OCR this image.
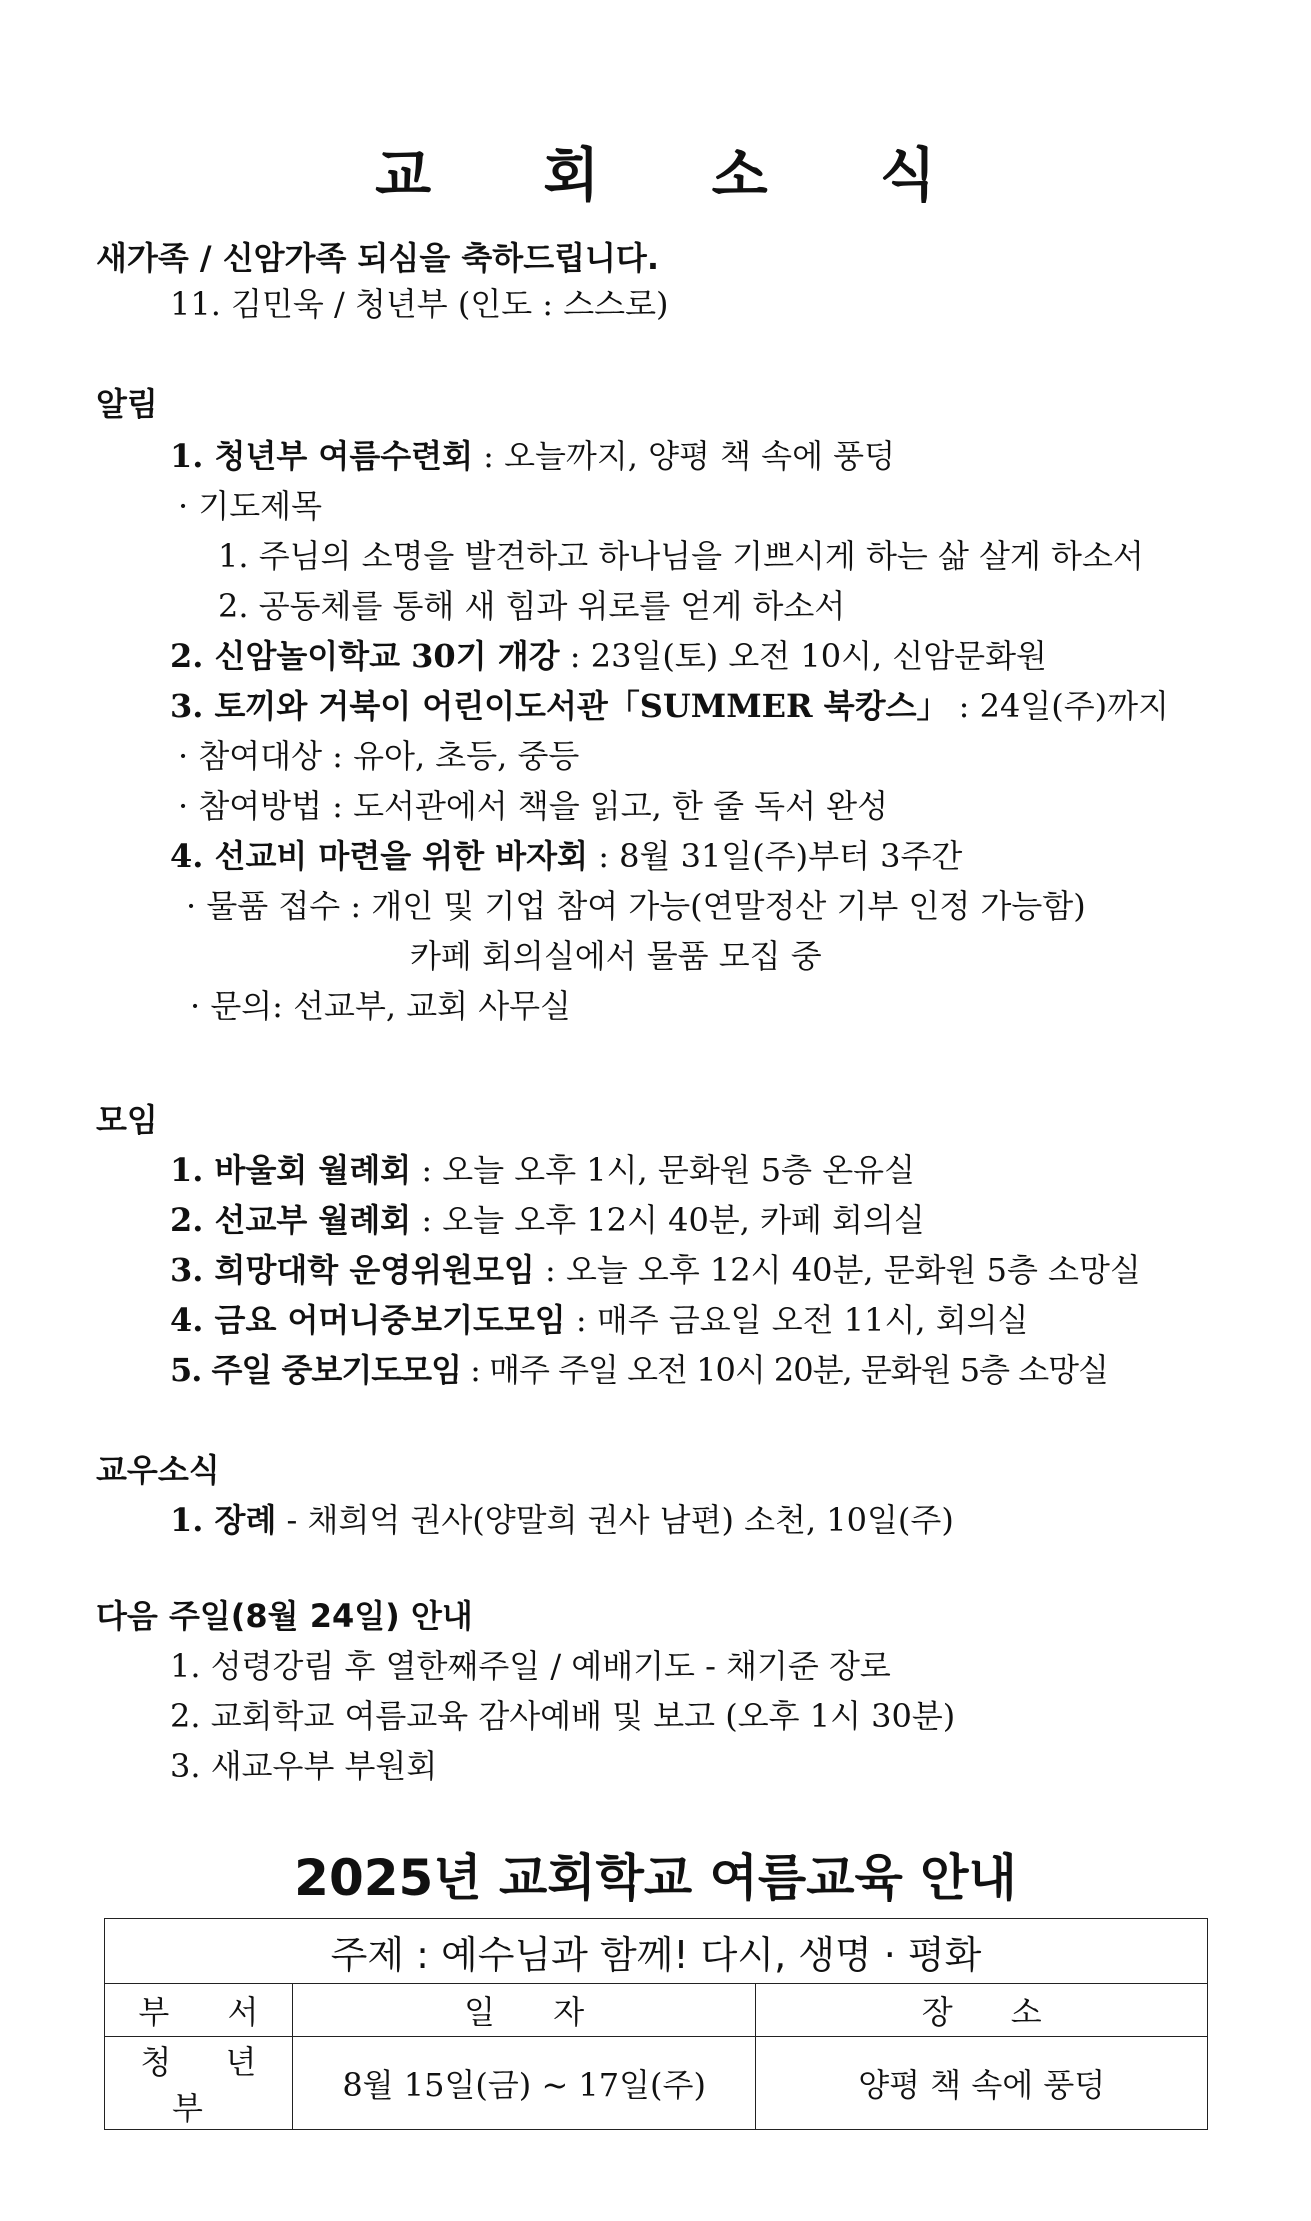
교 회 소 식
새가족 / 신암가족 되심을 축하드립니다.
11. 김민욱 / 청년부 (인도 : 스스로)
알림
1. 청년부 여름수련회 : 오늘까지, 양평 책 속에 풍덩
· 기도제목
1. 주님의 소명을 발견하고 하나님을 기쁘시게 하는 삶 살게 하소서
2. 공동체를 통해 새 힘과 위로를 얻게 하소서
2. 신암놀이학교 30기 개강 : 23일(토) 오전 10시, 신암문화원
3. 토끼와 거북이 어린이도서관「SUMMER 북캉스」 : 24일(주)까지
· 참여대상 : 유아, 초등, 중등
· 참여방법 : 도서관에서 책을 읽고, 한 줄 독서 완성
4. 선교비 마련을 위한 바자회 : 8월 31일(주)부터 3주간
· 물품 접수 : 개인 및 기업 참여 가능(연말정산 기부 인정 가능함)
카페 회의실에서 물품 모집 중
· 문의: 선교부, 교회 사무실
모임
1. 바울회 월례회 : 오늘 오후 1시, 문화원 5층 온유실
2. 선교부 월례회 : 오늘 오후 12시 40분, 카페 회의실
3. 희망대학 운영위원모임 : 오늘 오후 12시 40분, 문화원 5층 소망실
4. 금요 어머니중보기도모임 : 매주 금요일 오전 11시, 회의실
5. 주일 중보기도모임 : 매주 주일 오전 10시 20분, 문화원 5층 소망실
교우소식
1. 장례 - 채희억 권사(양말희 권사 남편) 소천, 10일(주)
다음 주일(8월 24일) 안내
1. 성령강림 후 열한째주일 / 예배기도 - 채기준 장로
2. 교회학교 여름교육 감사예배 및 보고 (오후 1시 30분)
3. 새교우부 부원회
2025년 교회학교 여름교육 안내
주제 : 예수님과 함께! 다시, 생명 · 평화		
부 서	일 자	장 소
청 년 부	8월 15일(금) ~ 17일(주)	양평 책 속에 풍덩
